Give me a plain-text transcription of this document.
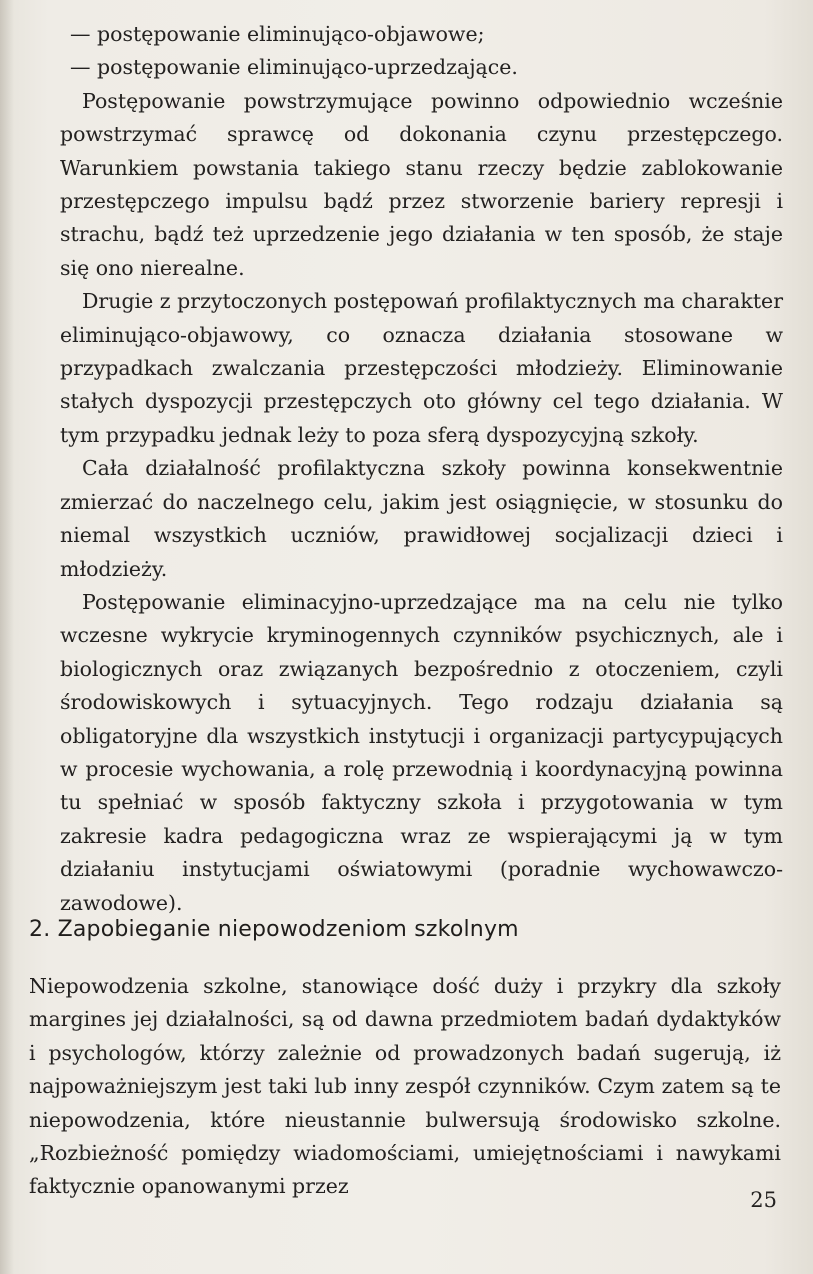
— postępowanie eliminująco-objawowe;

— postępowanie eliminująco-uprzedzające.

Postępowanie powstrzymujące powinno odpowiednio wcześnie powstrzymać sprawcę od dokonania czynu przestępczego. Warunkiem powstania takiego stanu rzeczy będzie zablokowanie przestępczego impulsu bądź przez stworzenie bariery represji i strachu, bądź też uprzedzenie jego działania w ten sposób, że staje się ono nierealne.

Drugie z przytoczonych postępowań profilaktycznych ma charakter eliminująco-objawowy, co oznacza działania stosowane w przypadkach zwalczania przestępczości młodzieży. Eliminowanie stałych dyspozycji przestępczych oto główny cel tego działania. W tym przypadku jednak leży to poza sferą dyspozycyjną szkoły.

Cała działalność profilaktyczna szkoły powinna konsekwentnie zmierzać do naczelnego celu, jakim jest osiągnięcie, w stosunku do niemal wszystkich uczniów, prawidłowej socjalizacji dzieci i młodzieży.

Postępowanie eliminacyjno-uprzedzające ma na celu nie tylko wczesne wykrycie kryminogennych czynników psychicznych, ale i biologicznych oraz związanych bezpośrednio z otoczeniem, czyli środowiskowych i sytuacyjnych. Tego rodzaju działania są obligatoryjne dla wszystkich instytucji i organizacji partycypujących w procesie wychowania, a rolę przewodnią i koordynacyjną powinna tu spełniać w sposób faktyczny szkoła i przygotowania w tym zakresie kadra pedagogiczna wraz ze wspierającymi ją w tym działaniu instytucjami oświatowymi (poradnie wychowawczo-zawodowe).

2. Zapobieganie niepowodzeniom szkolnym

Niepowodzenia szkolne, stanowiące dość duży i przykry dla szkoły margines jej działalności, są od dawna przedmiotem badań dydaktyków i psychologów, którzy zależnie od prowadzonych badań sugerują, iż najpoważniejszym jest taki lub inny zespół czynników. Czym zatem są te niepowodzenia, które nieustannie bulwersują środowisko szkolne. „Rozbieżność pomiędzy wiadomościami, umiejętnościami i nawykami faktycznie opanowanymi przez

25
